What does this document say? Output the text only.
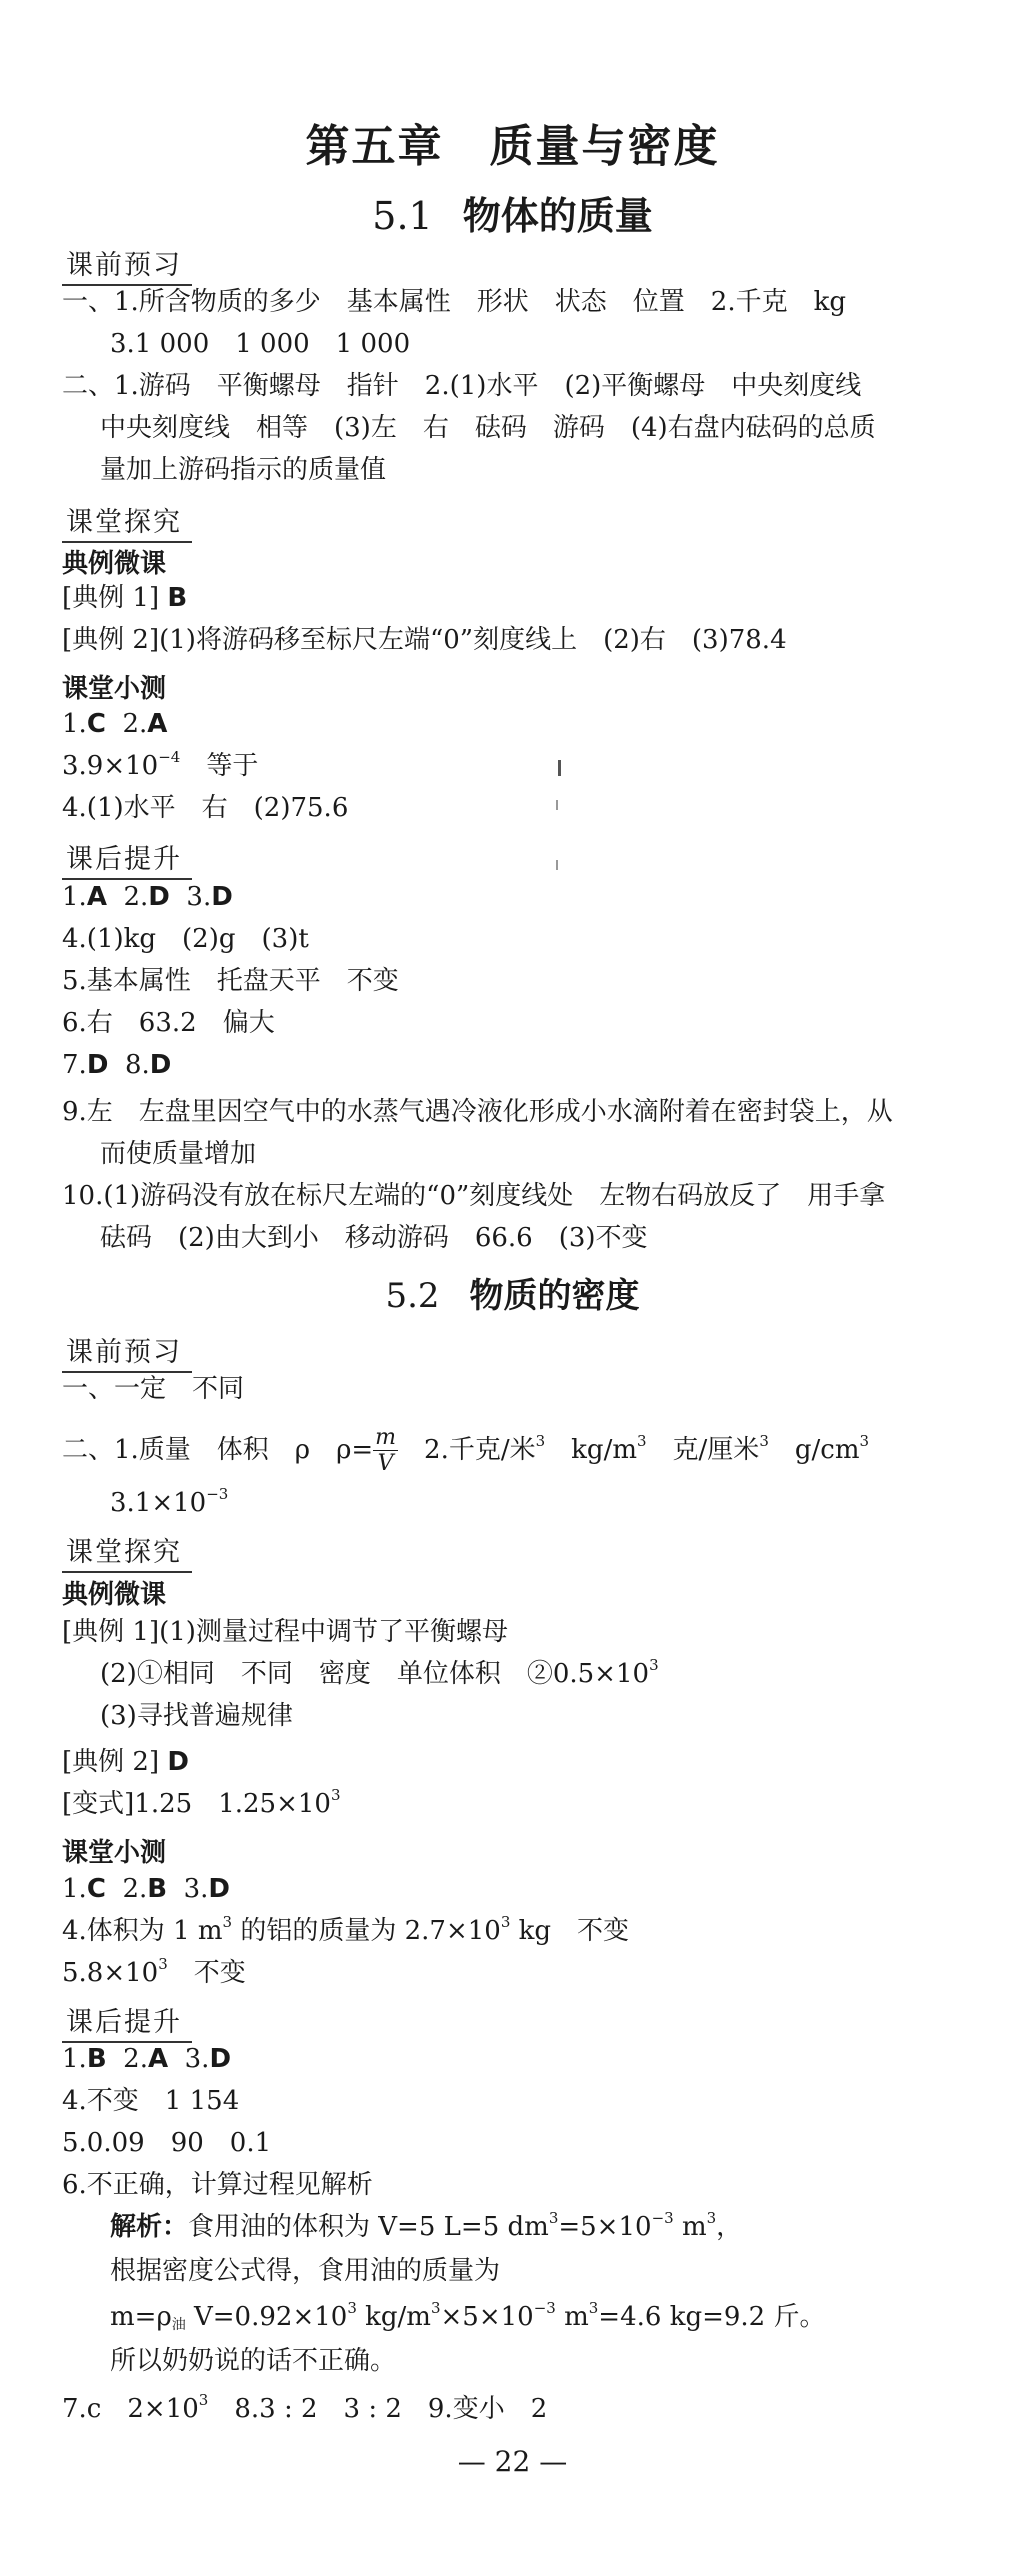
第五章　质量与密度
5.1 物体的质量
课前预习
一、1.所含物质的多少　基本属性　形状　状态　位置　2.千克　kg
3.1 000　1 000　1 000
二、1.游码　平衡螺母　指针　2.(1)水平　(2)平衡螺母　中央刻度线
中央刻度线　相等　(3)左　右　砝码　游码　(4)右盘内砝码的总质
量加上游码指示的质量值
课堂探究
典例微课
[典例 1] B
[典例 2](1)将游码移至标尺左端“0”刻度线上　(2)右　(3)78.4
课堂小测
1.C 2.A
$3.9\times 10^{-4}$　等于
4.(1)水平　右　(2)75.6
课后提升
1.A 2.D 3.D
4.(1)kg　(2)g　(3)t
5.基本属性　托盘天平　不变
6.右　63.2　偏大
7.D 8.D
9.左　左盘里因空气中的水蒸气遇冷液化形成小水滴附着在密封袋上，从
而使质量增加
10.(1)游码没有放在标尺左端的“0”刻度线处　左物右码放反了　用手拿
砝码　(2)由大到小　移动游码　66.6　(3)不变
5.2 物质的密度
课前预习
一、一定　不同
二、1.质量　体积　ρ　$\rho= \frac{m}{V}$ 　2.千克/米$^3$　$kg/m^3$　克/厘米$^3$　$g/cm^3$
$3.1\times 10^{-3}$
课堂探究
典例微课
[典例 1](1)测量过程中调节了平衡螺母
(2)①相同　不同　密度　单位体积　$②0.5\times 10^3$
(3)寻找普遍规律
[典例 2] D
[变式]1.25　$1.25\times 10^3$
课堂小测
1.C 2.B 3.D
4.体积为 1 $m^3$ 的铝的质量为 $2.7\times 10^3$ kg　不变
$5.8\times 10^3$　不变
课后提升
1.B 2.A 3.D
4.不变　1 154
5.0.09　90　0.1
6.不正确，计算过程见解析
解析：食用油的体积为 V=5 L=5 $dm^3=5\times 10^{-3}$ $m^3$，
根据密度公式得，食用油的质量为
$m=\rho_油$ $V=0.92\times 10^3$ $kg/m^3\times 5\times 10^{-3}$ $m^3=4.6$ kg=9.2 斤。
所以奶奶说的话不正确。
7.c　$2\times 10^3$　8.3 : 2　3 : 2　9.变小　2
— 22 —
